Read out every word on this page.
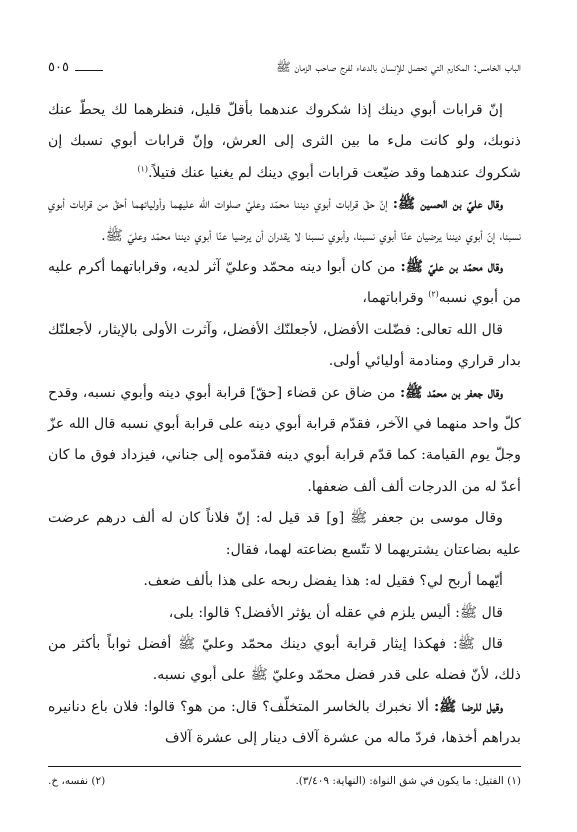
الباب الخامس: المكارم التي تحصل للإنسان بالدعاء لفرج صاحب الزمان ﷺ
٥٠٥

إنّ قرابات أبوي دينك إذا شكروك عندهما بأقلّ قليل، فنظرهما لك يحطّ عنك ذنوبك، ولو كانت ملء ما بين الثرى إلى العرش، وإنّ قرابات أبوي نسبك إن شكروك عندهما وقد ضيّعت قرابات أبوي دينك لم يغنيا عنك فتيلاً.$^{(١)}$

وقال عليّ بن الحسين ﷺ: إنّ حقّ قرابات أبوي ديننا محمّد وعليّ صلوات الله عليهما وأوليائهما أحقّ من قرابات أبوي نسبنا، إنّ أبوي ديننا يرضيان عنّا أبوي نسبنا، وأبوي نسبنا لا يقدران أن يرضيا عنّا أبوي ديننا محمّد وعليّ ﷺ.

وقال محمّد بن عليّ ﷺ: من كان أبوا دينه محمّد وعليّ آثر لديه، وقراباتهما أكرم عليه من أبوي نسبه$^{(٢)}$ وقراباتهما،

قال الله تعالى: فضّلت الأفضل، لأجعلنّك الأفضل، وآثرت الأولى بالإيثار، لأجعلنّك بدار قراري ومنادمة أوليائي أولى.

وقال جعفر بن محمّد ﷺ: من ضاق عن قضاء [حقّ] قرابة أبوي دينه وأبوي نسبه، وقدح كلّ واحد منهما في الآخر، فقدّم قرابة أبوي دينه على قرابة أبوي نسبه قال الله عزّ وجلّ يوم القيامة: كما قدّم قرابة أبوي دينه فقدّموه إلى جناني، فيزداد فوق ما كان أعدّ له من الدرجات ألف ألف ضعفها.

وقال موسى بن جعفر ﷺ [و] قد قيل له: إنّ فلاناً كان له ألف درهم عرضت عليه بضاعتان يشتريهما لا تتّسع بضاعته لهما، فقال:

أيّهما أربح لي؟ فقيل له: هذا يفضل ربحه على هذا بألف ضعف.

قال ﷺ: أليس يلزم في عقله أن يؤثر الأفضل؟ قالوا: بلى،

قال ﷺ: فهكذا إيثار قرابة أبوي دينك محمّد وعليّ ﷺ أفضل ثواباً بأكثر من ذلك، لأنّ فضله على قدر فضل محمّد وعليّ ﷺ على أبوي نسبه.

وقيل للرضا ﷺ: ألا نخبرك بالخاسر المتخلّف؟ قال: من هو؟ قالوا: فلان باع دنانيره بدراهم أخذها، فردّ ماله من عشرة آلاف دينار إلى عشرة آلاف

(١) الفتيل: ما يكون في شق النواة: (النهاية: ٣/٤٠٩).
(٢) نفسه، خ.
